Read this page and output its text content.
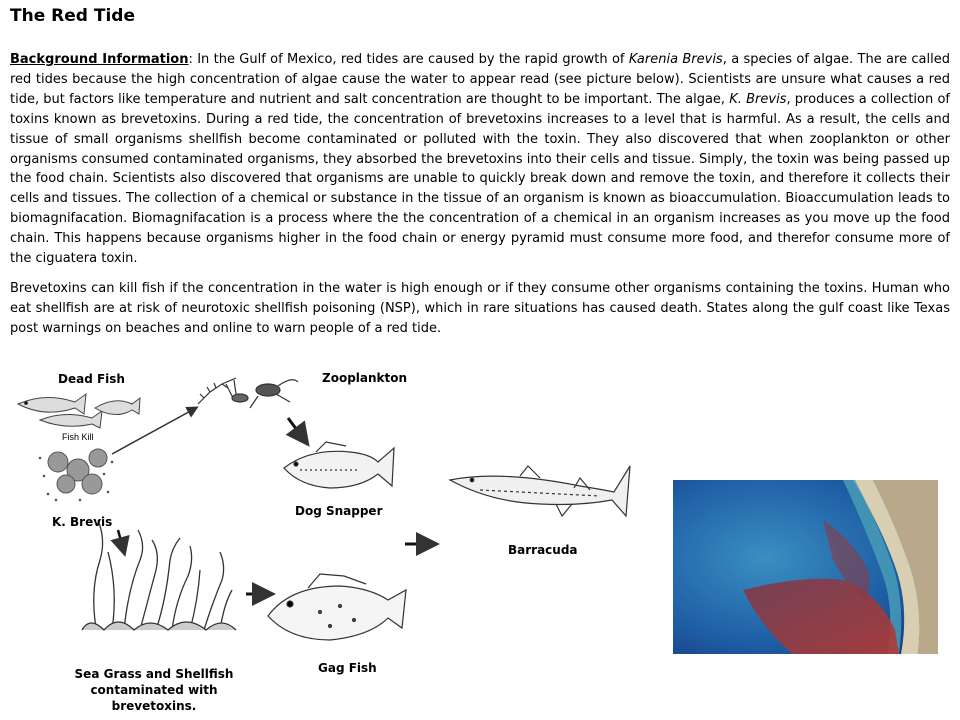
The Red Tide
Background Information: In the Gulf of Mexico, red tides are caused by the rapid growth of Karenia Brevis, a species of algae. The are called red tides because the high concentration of algae cause the water to appear read (see picture below). Scientists are unsure what causes a red tide, but factors like temperature and nutrient and salt concentration are thought to be important. The algae, K. Brevis, produces a collection of toxins known as brevetoxins. During a red tide, the concentration of brevetoxins increases to a level that is harmful. As a result, the cells and tissue of small organisms shellfish become contaminated or polluted with the toxin. They also discovered that when zooplankton or other organisms consumed contaminated organisms, they absorbed the brevetoxins into their cells and tissue. Simply, the toxin was being passed up the food chain. Scientists also discovered that organisms are unable to quickly break down and remove the toxin, and therefore it collects their cells and tissues. The collection of a chemical or substance in the tissue of an organism is known as bioaccumulation. Bioaccumulation leads to biomagnifacation. Biomagnifacation is a process where the the concentration of a chemical in an organism increases as you move up the food chain. This happens because organisms higher in the food chain or energy pyramid must consume more food, and therefor consume more of the ciguatera toxin.
Brevetoxins can kill fish if the concentration in the water is high enough or if they consume other organisms containing the toxins. Human who eat shellfish are at risk of neurotoxic shellfish poisoning (NSP), which in rare situations has caused death. States along the gulf coast like Texas post warnings on beaches and online to warn people of a red tide.
Fish Kill
Dead Fish	Zooplankton
K. Brevis
Dog Snapper
Barracuda
Sea Grass and Shellfish contaminated with brevetoxins.
Gag Fish
